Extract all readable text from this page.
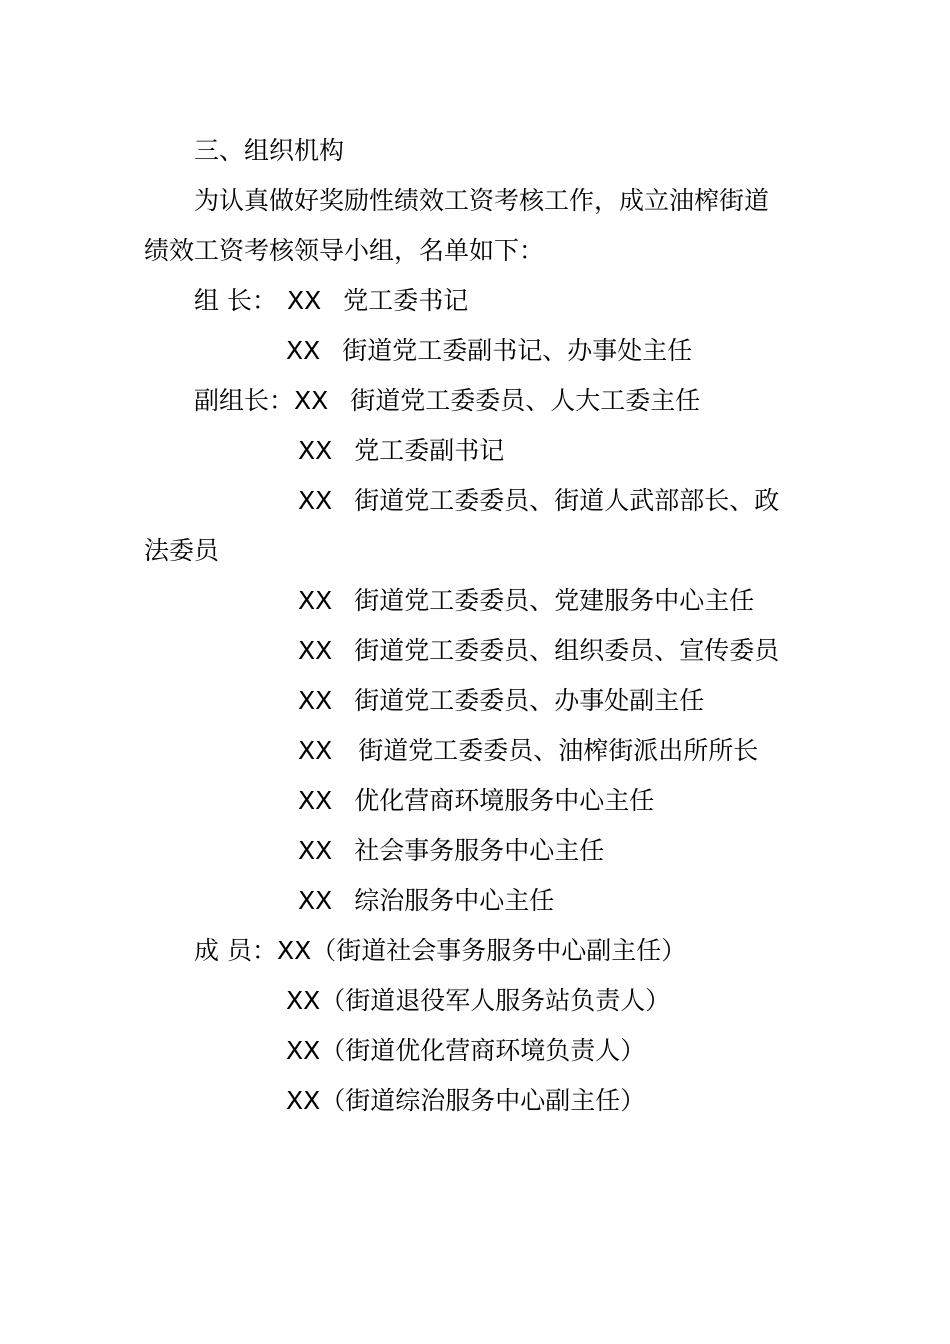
三、组织机构
为认真做好奖励性绩效工资考核工作，成立油榨街道
绩效工资考核领导小组，名单如下：
组 长： XX 党工委书记
XX 街道党工委副书记、办事处主任
副组长：XX 街道党工委委员、人大工委主任
XX 党工委副书记
XX 街道党工委委员、街道人武部部长、政
法委员
XX 街道党工委委员、党建服务中心主任
XX 街道党工委委员、组织委员、宣传委员
XX 街道党工委委员、办事处副主任
XX 街道党工委委员、油榨街派出所所长
XX 优化营商环境服务中心主任
XX 社会事务服务中心主任
XX 综治服务中心主任
成 员：XX（街道社会事务服务中心副主任）
XX（街道退役军人服务站负责人）
XX（街道优化营商环境负责人）
XX（街道综治服务中心副主任）
